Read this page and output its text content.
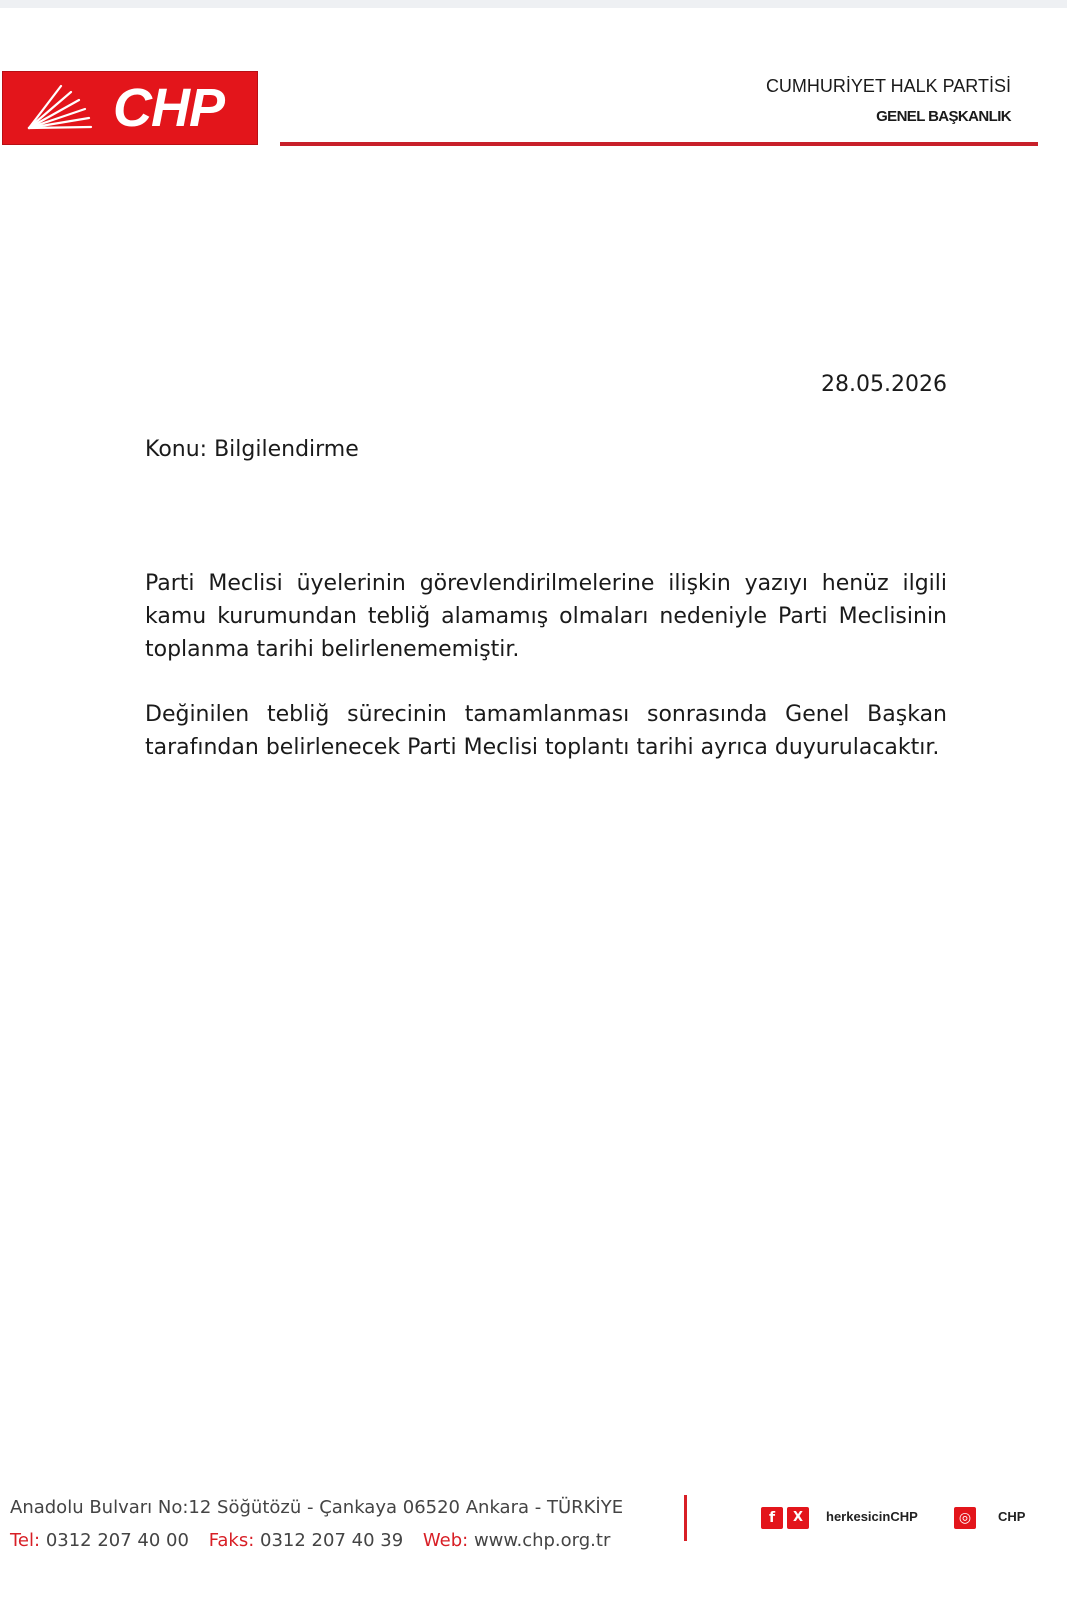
CHP	CUMHURİYET HALK PARTİSİ
GENEL BAŞKANLIK
28.05.2026
Konu: Bilgilendirme

Parti Meclisi üyelerinin görevlendirilmelerine ilişkin yazıyı henüz ilgili kamu kurumundan tebliğ alamamış olmaları nedeniyle Parti Meclisinin toplanma tarihi belirlenememiştir.

Değinilen tebliğ sürecinin tamamlanması sonrasında Genel Başkan tarafından belirlenecek Parti Meclisi toplantı tarihi ayrıca duyurulacaktır.

Anadolu Bulvarı No:12 Söğütözü - Çankaya 06520 Ankara - TÜRKİYE
Tel: 0312 207 40 00 Faks: 0312 207 40 39 Web: www.chp.org.tr
f	X	herkesicinCHP	◎	CHP
